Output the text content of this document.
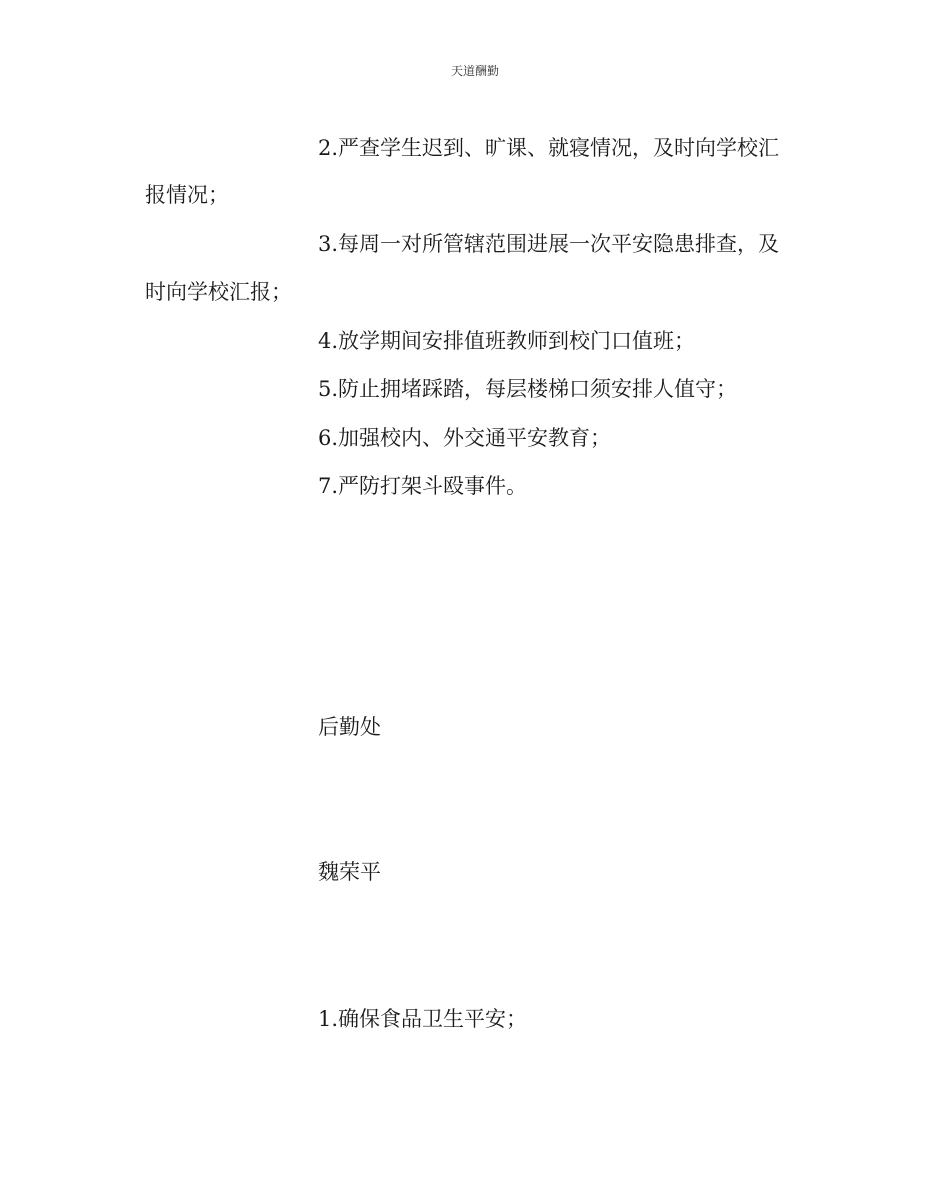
天道酬勤
2.严查学生迟到、旷课、就寝情况，及时向学校汇
报情况；
3.每周一对所管辖范围进展一次平安隐患排查，及
时向学校汇报；
4.放学期间安排值班教师到校门口值班；
5.防止拥堵踩踏，每层楼梯口须安排人值守；
6.加强校内、外交通平安教育；
7.严防打架斗殴事件。
后勤处
魏荣平
1.确保食品卫生平安；
